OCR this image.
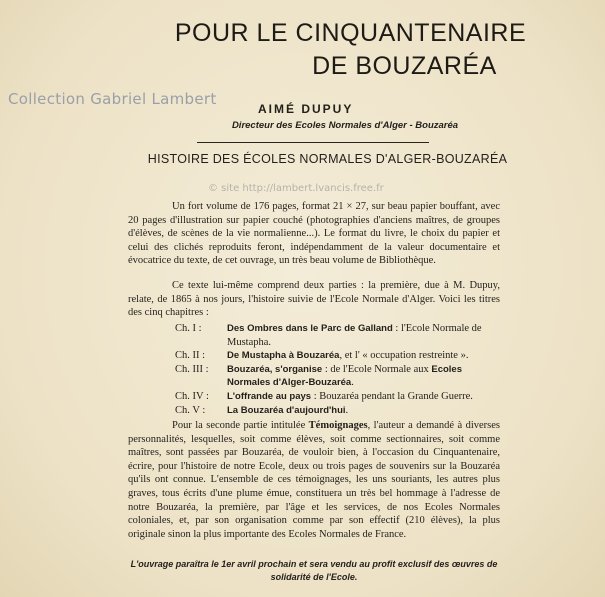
POUR LE CINQUANTENAIRE
DE BOUZARÉA
Collection Gabriel Lambert
AIMÉ DUPUY
Directeur des Ecoles Normales d'Alger - Bouzaréa
HISTOIRE DES ÉCOLES NORMALES D'ALGER-BOUZARÉA
© site http://lambert.lvancis.free.fr

Un fort volume de 176 pages, format 21 × 27, sur beau papier bouffant, avec 20 pages d'illustration sur papier couché (photographies d'anciens maîtres, de groupes d'élèves, de scènes de la vie normalienne...). Le format du livre, le choix du papier et celui des clichés reproduits feront, indépendamment de la valeur documentaire et évocatrice du texte, de cet ouvrage, un très beau volume de Bibliothèque.

Ce texte lui-même comprend deux parties : la première, due à M. Dupuy, relate, de 1865 à nos jours, l'histoire suivie de l'Ecole Normale d'Alger. Voici les titres des cinq chapitres :

Ch. I :	Des Ombres dans le Parc de Galland : l'Ecole Normale de Mustapha.
Ch. II : De Mustapha à Bouzaréa, et l' « occupation restreinte ».
Ch. III : Bouzaréa, s'organise : de l'Ecole Normale aux Ecoles Normales d'Alger-Bouzaréa.
Ch. IV : L'offrande au pays : Bouzaréa pendant la Grande Guerre.
Ch. V : La Bouzaréa d'aujourd'hui.

Pour la seconde partie intitulée Témoignages, l'auteur a demandé à diverses personnalités, lesquelles, soit comme élèves, soit comme sectionnaires, soit comme maîtres, sont passées par Bouzaréa, de vouloir bien, à l'occasion du Cinquantenaire, écrire, pour l'histoire de notre Ecole, deux ou trois pages de souvenirs sur la Bouzaréa qu'ils ont connue. L'ensemble de ces témoignages, les uns souriants, les autres plus graves, tous écrits d'une plume émue, constituera un très bel hommage à l'adresse de notre Bouzaréa, la première, par l'âge et les services, de nos Ecoles Normales coloniales, et, par son organisation comme par son effectif (210 élèves), la plus originale sinon la plus importante des Ecoles Normales de France.

L'ouvrage paraîtra le 1er avril prochain et sera vendu au profit exclusif des œuvres de solidarité de l'Ecole.
